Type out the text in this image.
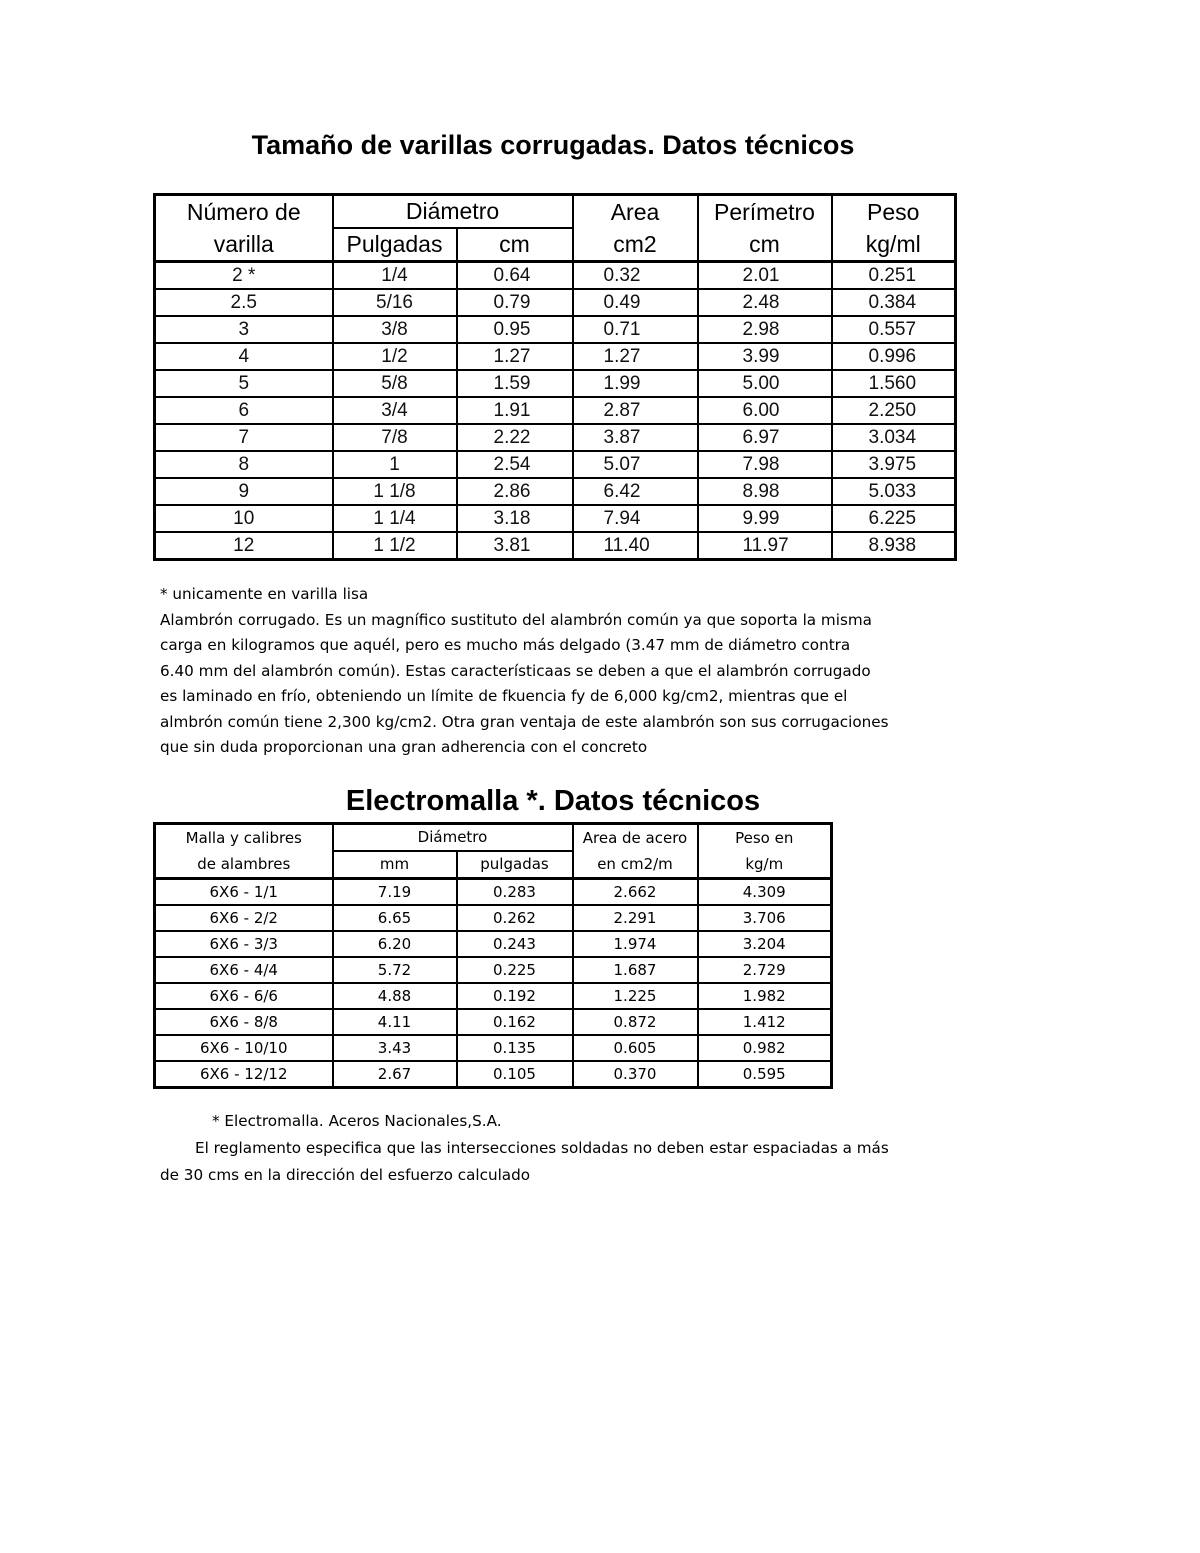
Tamaño de varillas corrugadas. Datos técnicos
Número de	Diámetro		Area	Perímetro	Peso
varilla	Pulgadas	cm	cm2	cm	kg/ml
2 *	1/4	0.64	0.32	2.01	0.251
2.5	5/16	0.79	0.49	2.48	0.384
3	3/8	0.95	0.71	2.98	0.557
4	1/2	1.27	1.27	3.99	0.996
5	5/8	1.59	1.99	5.00	1.560
6	3/4	1.91	2.87	6.00	2.250
7	7/8	2.22	3.87	6.97	3.034
8	1	2.54	5.07	7.98	3.975
9	1 1/8	2.86	6.42	8.98	5.033
10	1 1/4	3.18	7.94	9.99	6.225
12	1 1/2	3.81	11.40	11.97	8.938

* unicamente en varilla lisa

Alambrón corrugado. Es un magnífico sustituto del alambrón común ya que soporta la misma

carga en kilogramos que aquél, pero es mucho más delgado (3.47 mm de diámetro contra

6.40 mm del alambrón común). Estas característicaas se deben a que el alambrón corrugado

es laminado en frío, obteniendo un límite de fkuencia fy de 6,000 kg/cm2, mientras que el

almbrón común tiene 2,300 kg/cm2. Otra gran ventaja de este alambrón son sus corrugaciones

que sin duda proporcionan una gran adherencia con el concreto

Electromalla *. Datos técnicos
Malla y calibres	Diámetro		Area de acero	Peso en
de alambres	mm	pulgadas	en cm2/m	kg/m
6X6 - 1/1	7.19	0.283	2.662	4.309
6X6 - 2/2	6.65	0.262	2.291	3.706
6X6 - 3/3	6.20	0.243	1.974	3.204
6X6 - 4/4	5.72	0.225	1.687	2.729
6X6 - 6/6	4.88	0.192	1.225	1.982
6X6 - 8/8	4.11	0.162	0.872	1.412
6X6 - 10/10	3.43	0.135	0.605	0.982
6X6 - 12/12	2.67	0.105	0.370	0.595

* Electromalla. Aceros Nacionales,S.A.

El reglamento especifica que las intersecciones soldadas no deben estar espaciadas a más

de 30 cms en la dirección del esfuerzo calculado
